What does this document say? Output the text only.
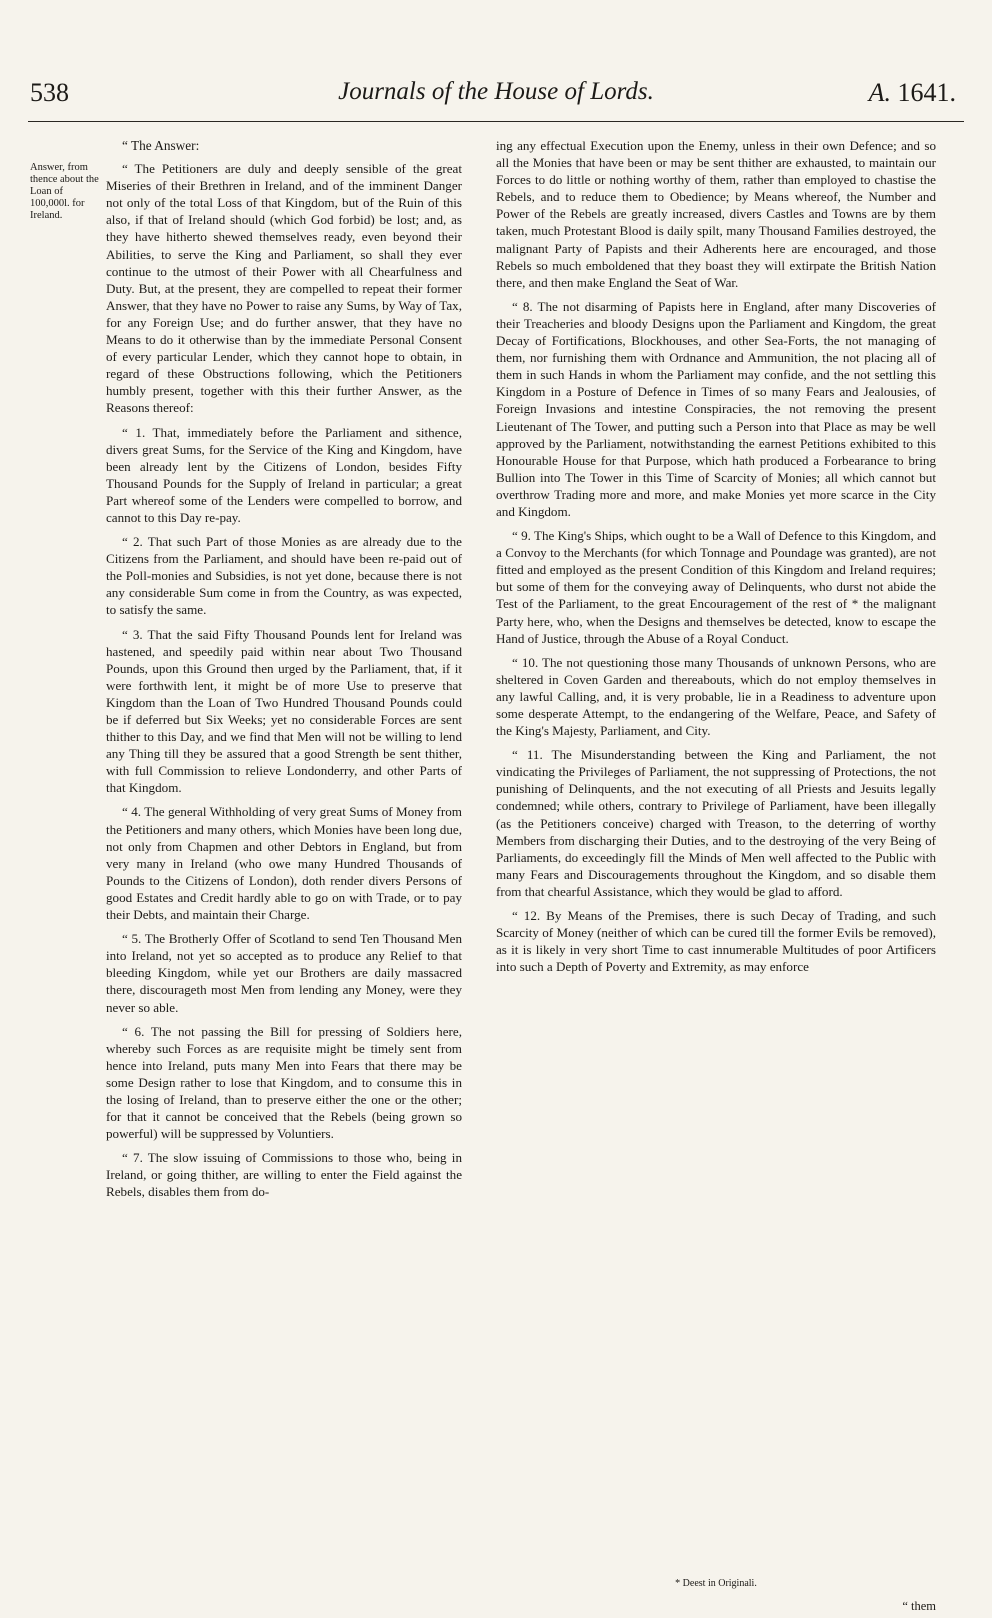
538	Journals of the House of Lords.	A. 1641.
Answer, from thence about the Loan of 100,000l. for Ireland.
“ The Answer:

“ The Petitioners are duly and deeply sensible of the great Miseries of their Brethren in Ireland, and of the imminent Danger not only of the total Loss of that Kingdom, but of the Ruin of this also, if that of Ireland should (which God forbid) be lost; and, as they have hitherto shewed themselves ready, even beyond their Abilities, to serve the King and Parliament, so shall they ever continue to the utmost of their Power with all Chearfulness and Duty. But, at the present, they are compelled to repeat their former Answer, that they have no Power to raise any Sums, by Way of Tax, for any Foreign Use; and do further answer, that they have no Means to do it otherwise than by the immediate Personal Consent of every particular Lender, which they cannot hope to obtain, in regard of these Obstructions following, which the Petitioners humbly present, together with this their further Answer, as the Reasons thereof:

“ 1. That, immediately before the Parliament and sithence, divers great Sums, for the Service of the King and Kingdom, have been already lent by the Citizens of London, besides Fifty Thousand Pounds for the Supply of Ireland in particular; a great Part whereof some of the Lenders were compelled to borrow, and cannot to this Day re-pay.

“ 2. That such Part of those Monies as are already due to the Citizens from the Parliament, and should have been re-paid out of the Poll-monies and Subsidies, is not yet done, because there is not any considerable Sum come in from the Country, as was expected, to satisfy the same.

“ 3. That the said Fifty Thousand Pounds lent for Ireland was hastened, and speedily paid within near about Two Thousand Pounds, upon this Ground then urged by the Parliament, that, if it were forthwith lent, it might be of more Use to preserve that Kingdom than the Loan of Two Hundred Thousand Pounds could be if deferred but Six Weeks; yet no considerable Forces are sent thither to this Day, and we find that Men will not be willing to lend any Thing till they be assured that a good Strength be sent thither, with full Commission to relieve Londonderry, and other Parts of that Kingdom.

“ 4. The general Withholding of very great Sums of Money from the Petitioners and many others, which Monies have been long due, not only from Chapmen and other Debtors in England, but from very many in Ireland (who owe many Hundred Thousands of Pounds to the Citizens of London), doth render divers Persons of good Estates and Credit hardly able to go on with Trade, or to pay their Debts, and maintain their Charge.

“ 5. The Brotherly Offer of Scotland to send Ten Thousand Men into Ireland, not yet so accepted as to produce any Relief to that bleeding Kingdom, while yet our Brothers are daily massacred there, discourageth most Men from lending any Money, were they never so able.

“ 6. The not passing the Bill for pressing of Soldiers here, whereby such Forces as are requisite might be timely sent from hence into Ireland, puts many Men into Fears that there may be some Design rather to lose that Kingdom, and to consume this in the losing of Ireland, than to preserve either the one or the other; for that it cannot be conceived that the Rebels (being grown so powerful) will be suppressed by Voluntiers.

“ 7. The slow issuing of Commissions to those who, being in Ireland, or going thither, are willing to enter the Field against the Rebels, disables them from do-

ing any effectual Execution upon the Enemy, unless in their own Defence; and so all the Monies that have been or may be sent thither are exhausted, to maintain our Forces to do little or nothing worthy of them, rather than employed to chastise the Rebels, and to reduce them to Obedience; by Means whereof, the Number and Power of the Rebels are greatly increased, divers Castles and Towns are by them taken, much Protestant Blood is daily spilt, many Thousand Families destroyed, the malignant Party of Papists and their Adherents here are encouraged, and those Rebels so much emboldened that they boast they will extirpate the British Nation there, and then make England the Seat of War.

“ 8. The not disarming of Papists here in England, after many Discoveries of their Treacheries and bloody Designs upon the Parliament and Kingdom, the great Decay of Fortifications, Blockhouses, and other Sea-Forts, the not managing of them, nor furnishing them with Ordnance and Ammunition, the not placing all of them in such Hands in whom the Parliament may confide, and the not settling this Kingdom in a Posture of Defence in Times of so many Fears and Jealousies, of Foreign Invasions and intestine Conspiracies, the not removing the present Lieutenant of The Tower, and putting such a Person into that Place as may be well approved by the Parliament, notwithstanding the earnest Petitions exhibited to this Honourable House for that Purpose, which hath produced a Forbearance to bring Bullion into The Tower in this Time of Scarcity of Monies; all which cannot but overthrow Trading more and more, and make Monies yet more scarce in the City and Kingdom.

“ 9. The King's Ships, which ought to be a Wall of Defence to this Kingdom, and a Convoy to the Merchants (for which Tonnage and Poundage was granted), are not fitted and employed as the present Condition of this Kingdom and Ireland requires; but some of them for the conveying away of Delinquents, who durst not abide the Test of the Parliament, to the great Encouragement of the rest of * the malignant Party here, who, when the Designs and themselves be detected, know to escape the Hand of Justice, through the Abuse of a Royal Conduct.

“ 10. The not questioning those many Thousands of unknown Persons, who are sheltered in Coven Garden and thereabouts, which do not employ themselves in any lawful Calling, and, it is very probable, lie in a Readiness to adventure upon some desperate Attempt, to the endangering of the Welfare, Peace, and Safety of the King's Majesty, Parliament, and City.

“ 11. The Misunderstanding between the King and Parliament, the not vindicating the Privileges of Parliament, the not suppressing of Protections, the not punishing of Delinquents, and the not executing of all Priests and Jesuits legally condemned; while others, contrary to Privilege of Parliament, have been illegally (as the Petitioners conceive) charged with Treason, to the deterring of worthy Members from discharging their Duties, and to the destroying of the very Being of Parliaments, do exceedingly fill the Minds of Men well affected to the Public with many Fears and Discouragements throughout the Kingdom, and so disable them from that chearful Assistance, which they would be glad to afford.

“ 12. By Means of the Premises, there is such Decay of Trading, and such Scarcity of Money (neither of which can be cured till the former Evils be removed), as it is likely in very short Time to cast innumerable Multitudes of poor Artificers into such a Depth of Poverty and Extremity, as may enforce

* Deest in Originali.
“ them
